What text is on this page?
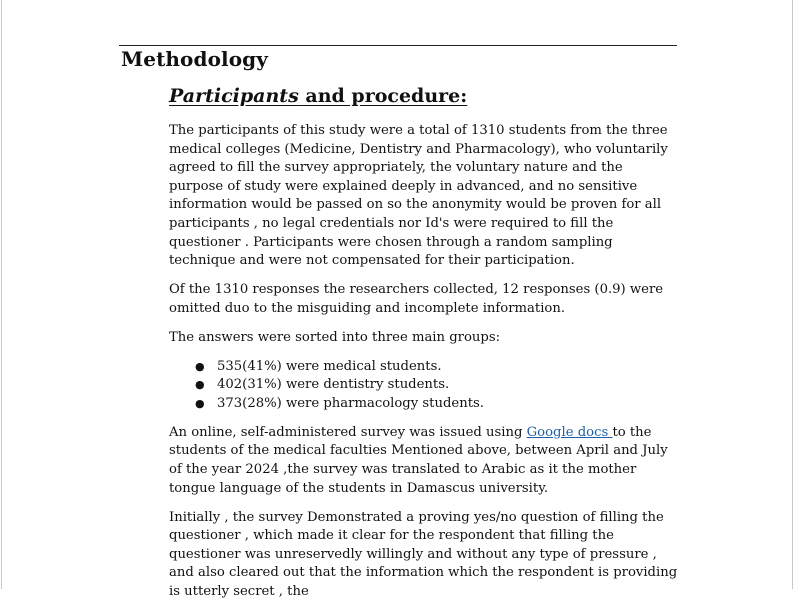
Methodology
Participants and procedure:

The participants of this study were a total of 1310 students from the three medical colleges (Medicine, Dentistry and Pharmacology), who voluntarily agreed to fill the survey appropriately, the voluntary nature and the purpose of study were explained deeply in advanced, and no sensitive information would be passed on so the anonymity would be proven for all participants , no legal credentials nor Id's were required to fill the questioner . Participants were chosen through a random sampling technique and were not compensated for their participation.

Of the 1310 responses the researchers collected, 12 responses (0.9) were omitted duo to the misguiding and incomplete information.

The answers were sorted into three main groups:

● 535(41%) were medical students.
● 402(31%) were dentistry students.
● 373(28%) were pharmacology students.

An online, self-administered survey was issued using Google docs to the students of the medical faculties Mentioned above, between April and July of the year 2024 ,the survey was translated to Arabic as it the mother tongue language of the students in Damascus university.

Initially , the survey Demonstrated a proving yes/no question of filling the questioner , which made it clear for the respondent that filling the questioner was unreservedly willingly and without any type of pressure , and also cleared out that the information which the respondent is providing is utterly secret , the
